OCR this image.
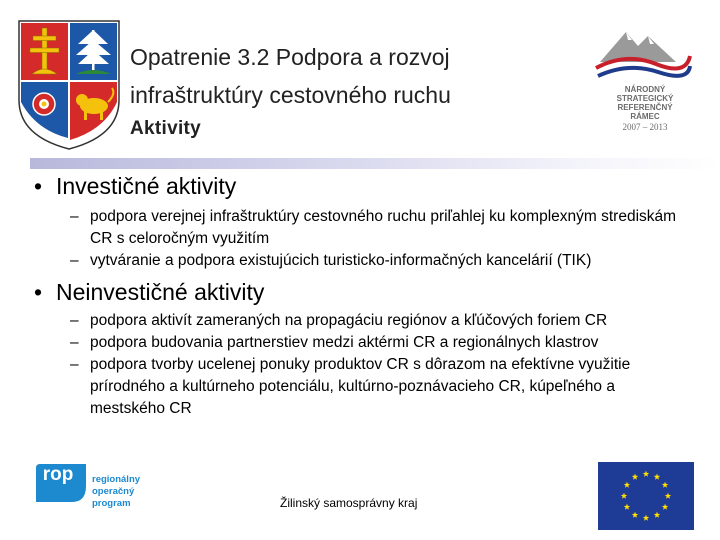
Opatrenie 3.2 Podpora a rozvoj
infraštruktúry cestovného ruchu
Aktivity
NÁRODNÝ
STRATEGICKÝ
REFERENČNÝ
RÁMEC
2007 – 2013
• Investičné aktivity
– podpora verejnej infraštruktúry cestovného ruchu priľahlej ku komplexným strediskám CR s celoročným využitím
– vytváranie a podpora existujúcich turisticko-informačných kancelárií (TIK)
• Neinvestičné aktivity
– podpora aktivít zameraných na propagáciu regiónov a kľúčových foriem CR
– podpora budovania partnerstiev medzi aktérmi CR a regionálnych klastrov
– podpora tvorby ucelenej ponuky produktov CR s dôrazom na efektívne využitie prírodného a kultúrneho potenciálu, kultúrno-poznávacieho CR, kúpeľného a mestského CR
rop regionálny
operačný
program	Žilinský samosprávny kraj
